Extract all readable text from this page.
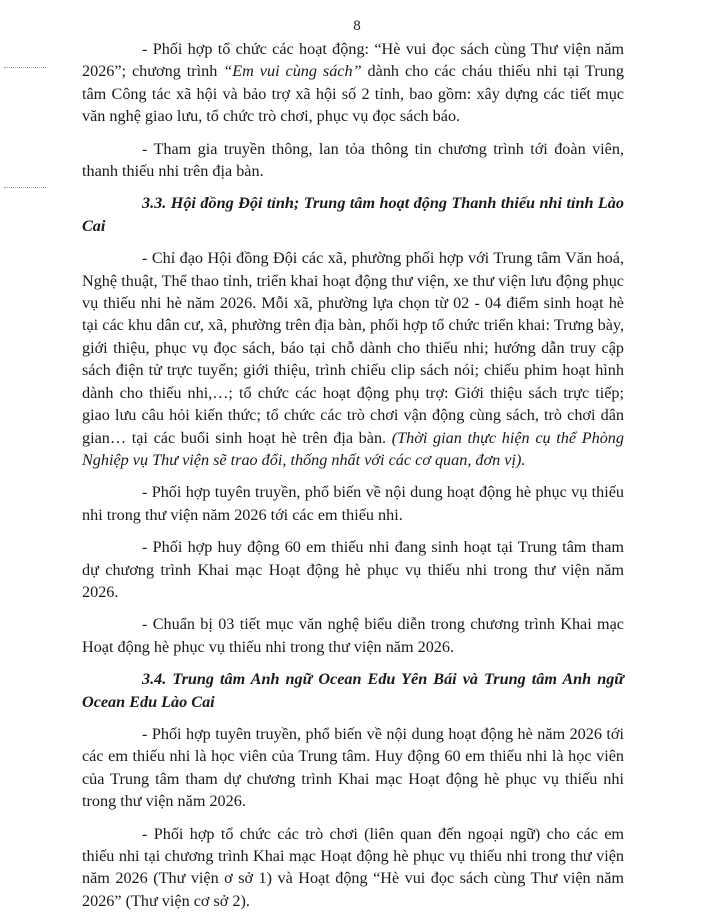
8

- Phối hợp tổ chức các hoạt động: “Hè vui đọc sách cùng Thư viện năm 2026”; chương trình “Em vui cùng sách” dành cho các cháu thiếu nhi tại Trung tâm Công tác xã hội và bảo trợ xã hội số 2 tỉnh, bao gồm: xây dựng các tiết mục văn nghệ giao lưu, tổ chức trò chơi, phục vụ đọc sách báo.

- Tham gia truyền thông, lan tỏa thông tin chương trình tới đoàn viên, thanh thiếu nhi trên địa bàn.

3.3. Hội đồng Đội tỉnh; Trung tâm hoạt động Thanh thiếu nhi tỉnh Lào Cai

- Chỉ đạo Hội đồng Đội các xã, phường phối hợp với Trung tâm Văn hoá, Nghệ thuật, Thể thao tỉnh, triển khai hoạt động thư viện, xe thư viện lưu động phục vụ thiếu nhi hè năm 2026. Mỗi xã, phường lựa chọn từ 02 - 04 điểm sinh hoạt hè tại các khu dân cư, xã, phường trên địa bàn, phối hợp tổ chức triển khai: Trưng bày, giới thiệu, phục vụ đọc sách, báo tại chỗ dành cho thiếu nhi; hướng dẫn truy cập sách điện tử trực tuyến; giới thiệu, trình chiếu clip sách nói; chiếu phim hoạt hình dành cho thiếu nhi,…; tổ chức các hoạt động phụ trợ: Giới thiệu sách trực tiếp; giao lưu câu hỏi kiến thức; tổ chức các trò chơi vận động cùng sách, trò chơi dân gian… tại các buổi sinh hoạt hè trên địa bàn. (Thời gian thực hiện cụ thể Phòng Nghiệp vụ Thư viện sẽ trao đổi, thống nhất với các cơ quan, đơn vị).

- Phối hợp tuyên truyền, phổ biến về nội dung hoạt động hè phục vụ thiếu nhi trong thư viện năm 2026 tới các em thiếu nhi.

- Phối hợp huy động 60 em thiếu nhi đang sinh hoạt tại Trung tâm tham dự chương trình Khai mạc Hoạt động hè phục vụ thiếu nhi trong thư viện năm 2026.

- Chuẩn bị 03 tiết mục văn nghệ biểu diễn trong chương trình Khai mạc Hoạt động hè phục vụ thiếu nhi trong thư viện năm 2026.

3.4. Trung tâm Anh ngữ Ocean Edu Yên Bái và Trung tâm Anh ngữ Ocean Edu Lào Cai

- Phối hợp tuyên truyền, phổ biến về nội dung hoạt động hè năm 2026 tới các em thiếu nhi là học viên của Trung tâm. Huy động 60 em thiếu nhi là học viên của Trung tâm tham dự chương trình Khai mạc Hoạt động hè phục vụ thiếu nhi trong thư viện năm 2026.

- Phối hợp tổ chức các trò chơi (liên quan đến ngoại ngữ) cho các em thiếu nhi tại chương trình Khai mạc Hoạt động hè phục vụ thiếu nhi trong thư viện năm 2026 (Thư viện ơ sở 1) và Hoạt động “Hè vui đọc sách cùng Thư viện năm 2026” (Thư viện cơ sở 2).
